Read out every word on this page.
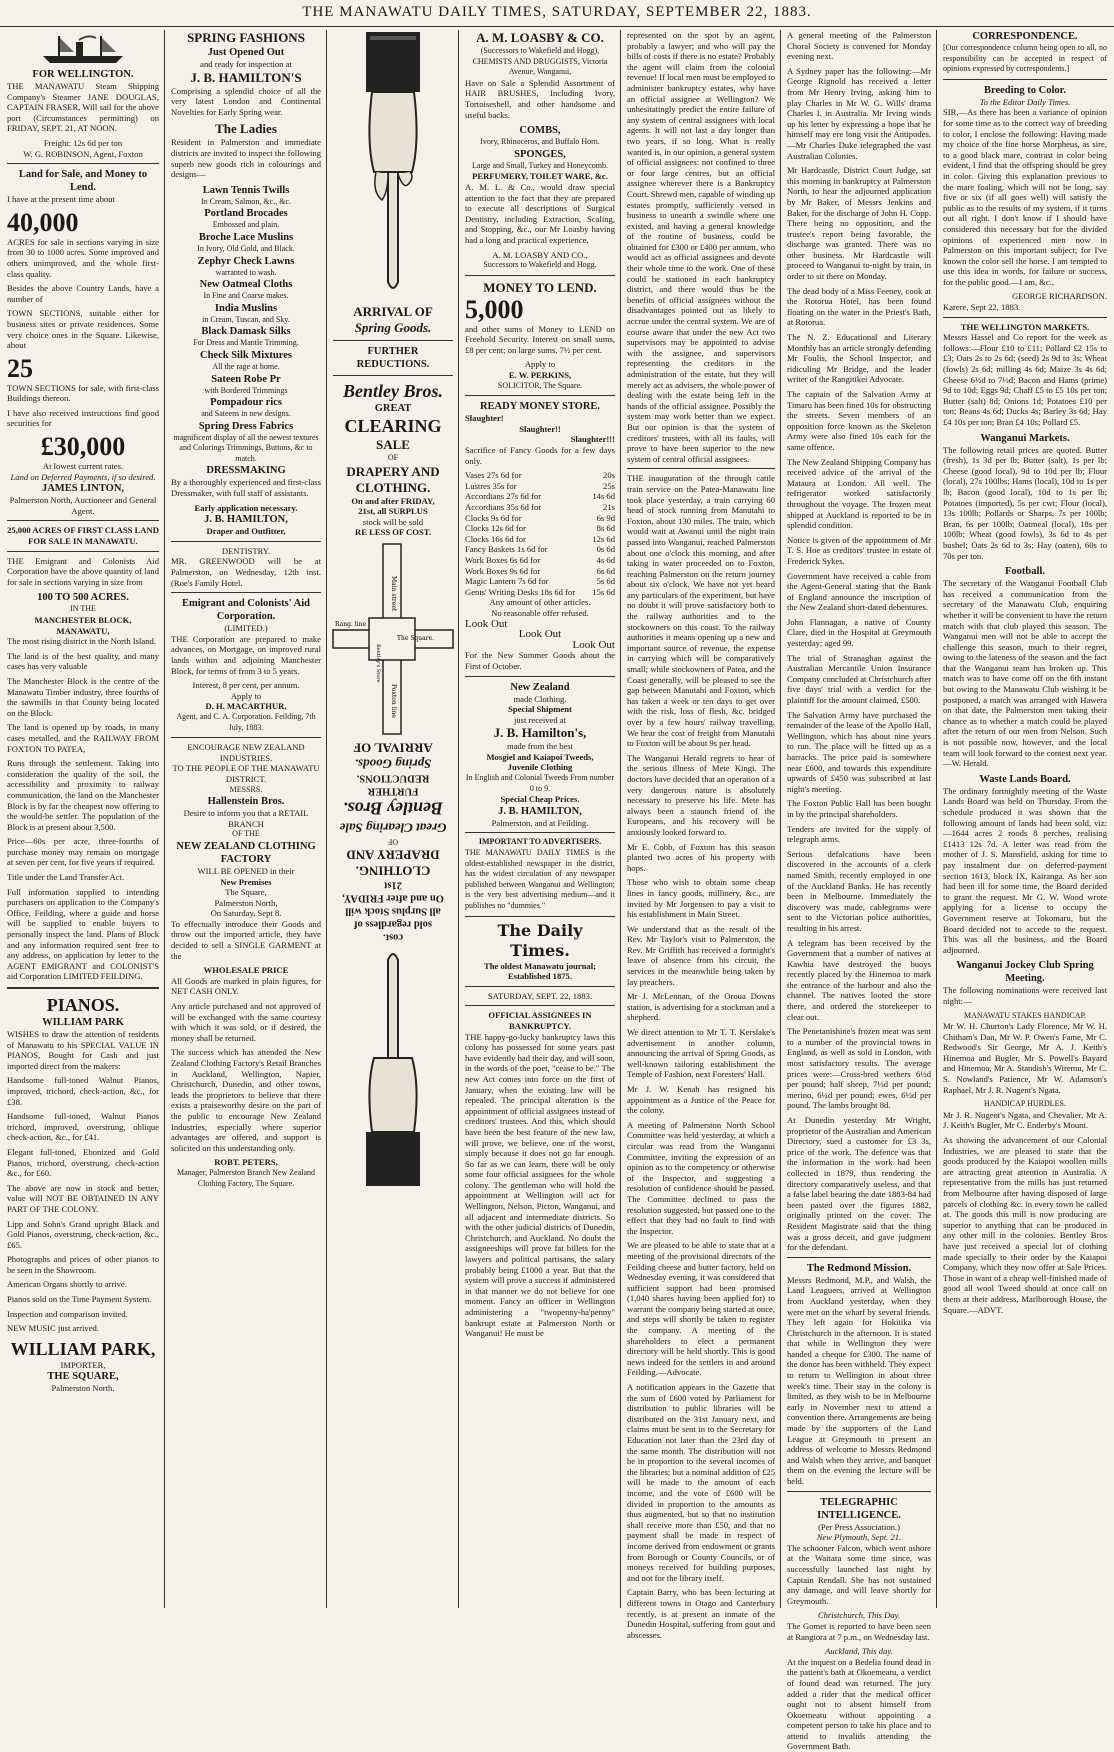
THE MANAWATU DAILY TIMES, SATURDAY, SEPTEMBER 22, 1883.
FOR WELLINGTON.

THE MANAWATU Steam Shipping Company's Steamer JANE DOUGLAS, CAPTAIN FRASER, Will sail for the above port (Circumstances permitting) on FRIDAY, SEPT. 21, AT NOON.

Freight: 12s 6d per ton
W. G. ROBINSON, Agent, Foxton
Land for Sale, and Money to Lend.

I have at the present time about

40,000

ACRES for sale in sections varying in size from 30 to 1000 acres. Some improved and others unimproved, and the whole first-class quality.

Besides the above Country Lands, have a number of

TOWN SECTIONS, suitable either for business sites or private residences. Some very choice ones in the Square. Likewise, about

25

TOWN SECTIONS for sale, with first-class Buildings thereon.

I have also received instructions find good securities for

£30,000
At lowest current rates.
Land on Deferred Payments, if so desired.
JAMES LINTON,
Palmerston North, Auctioneer and General Agent.
25,000 ACRES OF FIRST CLASS LAND FOR SALE IN MANAWATU.

THE Emigrant and Colonists Aid Corporation have the above quantity of land for sale in sections varying in size from

100 TO 500 ACRES.
IN THE
MANCHESTER BLOCK, MANAWATU,

The most rising district in the North Island.

The land is of the best quality, and many cases has very valuable

The Manchester Block is the centre of the Manawatu Timber industry, three fourths of the sawmills in that County being located on the Block.

The land is opened up by roads, in many cases metalled, and the RAILWAY FROM FOXTON TO PATEA,

Runs through the settlement. Taking into consideration the quality of the soil, the accessibility and proximity to railway communication, the land on the Manchester Block is by far the cheapest now offering to the would-be settler. The population of the Block is at present about 3,500.

Price—60s per acre, three-fourths of purchase money may remain on mortgage at seven per cent, for five years if required.

Title under the Land Transfer Act.

Full information supplied to intending purchasers on application to the Company's Office, Feilding, where a guide and horse will be supplied to enable buyers to personally inspect the land. Plans of Block and any information required sent free to any address, on application by letter to the AGENT EMIGRANT and COLONIST'S aid Corporation LIMITED FEILDING.

PIANOS.
WILLIAM PARK

WISHES to draw the attention of residents of Manawatu to his SPECIAL VALUE IN PIANOS, Bought for Cash and just imported direct from the makers:

Handsome full-toned Walnut Pianos, improved, trichord, check-action, &c., for £38.

Handsome full-toned, Walnut Pianos trichord, improved, overstrung, oblique check-action, &c., for £41.

Elegant full-toned, Ebonized and Gold Pianos, trichord, overstrung, check-action &c., for £60.

The above are now in stock and better, value will NOT BE OBTAINED IN ANY PART OF THE COLONY.

Lipp and Sohn's Grand upright Black and Gold Pianos, overstrung, check-action, &c., £65.

Photographs and prices of other pianos to be seen in the Showroom.

American Organs shortly to arrive.

Pianos sold on the Time Payment System.

Inspection and comparison invited.

NEW MUSIC just arrived.

WILLIAM PARK,
IMPORTER,
THE SQUARE,
Palmerston North.
SPRING FASHIONS
Just Opened Out
and ready for inspection at
J. B. HAMILTON'S

Comprising a splendid choice of all the very latest London and Continental Novelties for Early Spring wear.

The Ladies

Resident in Palmerston and immediate districts are invited to inspect the following superb new goods rich in colourings and designs—

Lawn Tennis Twills
In Cream, Salmon, &c., &c.
Portland Brocades
Embossed and plain.
Broche Lace Muslins
In Ivory, Old Gold, and Black.
Zephyr Check Lawns
warranted to wash.
New Oatmeal Cloths
In Fine and Coarse makes.
India Muslins
in Cream, Tuscan, and Sky.
Black Damask Silks
For Dress and Mantle Trimming.
Check Silk Mixtures
All the rage at home.
Sateen Robe Pr
with Bordered Trimmings
Pompadour rics
and Sateens in new designs.
Spring Dress Fabrics
magnificent display of all the newest textures and Colorings Trimmings, Buttons, &c to match.
DRESSMAKING

By a thoroughly experienced and first-class Dressmaker, with full staff of assistants.

Early application necessary.
J. B. HAMILTON,
Draper and Outfitter,
DENTISTRY.

MR. GREENWOOD will be at Palmerston, on Wednesday, 12th inst. (Roe's Family Hotel.

Emigrant and Colonists' Aid Corporation.
(LIMITED.)

THE Corporation are prepared to make advances, on Mortgage, on improved rural lands within and adjoining Manchester Block, for terms of from 3 to 5 years.

Interest, 8 per cent, per annum.
Apply to
D. H. MACARTHUR,
Agent, and C. A. Corporation. Feilding, 7th July, 1883.
ENCOURAGE NEW ZEALAND INDUSTRIES.
TO THE PEOPLE OF THE MANAWATU DISTRICT.
MESSRS.
Hallenstein Bros.
Desire to inform you that a RETAIL BRANCH
OF THE
NEW ZEALAND CLOTHING FACTORY
WILL BE OPENED in their
New Premises
The Square,
Palmerston North,
On Saturday, Sept 8.

To effectually introduce their Goods and throw out the imported article, they have decided to sell a SINGLE GARMENT at the

WHOLESALE PRICE

All Goods are marked in plain figures, for NET CASH ONLY.

Any article purchased and not approved of will be exchanged with the same courtesy with which it was sold, or if desired, the money shall be returned.

The success which has attended the New Zealand Clothing Factory's Retail Branches in Auckland, Wellington, Napier, Christchurch, Dunedin, and other towns, leads the proprietors to believe that there exists a praiseworthy desire on the part of the public to encourage New Zealand Industries, especially where superior advantages are offered, and support is solicited on this understanding only.

ROBT. PETERS,
Manager, Palmerston Branch New Zealand Clothing Factory, The Square.
ARRIVAL OF
Spring Goods.
FURTHER REDUCTIONS.
Bentley Bros.
GREAT
CLEARING
SALE
OF
DRAPERY AND
CLOTHING.
On and after FRIDAY,
21st, all SURPLUS
stock will be sold
RE LESS OF COST.
Main street
Rang. line
Foxton line
The Square.
Bentley's Store
cost.
sold regardless of
all Surplus Stock will
On and after FRIDAY, 21st
CLOTHING.
DRAPERY AND
OF
Great Clearing Sale
Bentley Bros.
FURTHER REDUCTIONS.
Spring Goods.
ARRIVAL OF
A. M. LOASBY & CO.
(Successors to Wakefield and Hogg), CHEMISTS AND DRUGGISTS, Victoria Avenue, Wanganui,

Have on Sale a Splendid Assortment of HAIR BRUSHES, Including Ivory, Tortoiseshell, and other handsome and useful backs.

COMBS,
Ivory, Rhinoceros, and Buffalo Horn.
SPONGES,
Large and Small, Turkey and Honeycomb.
PERFUMERY, TOILET WARE, &c.

A. M. L. & Co., would draw special attention to the fact that they are prepared to execute all descriptions of Surgical Dentistry, including Extraction, Scaling, and Stopping, &c., our Mr Loasby having had a long and practical experience.

A. M. LOASBY AND CO.,
Successors to Wakefield and Hogg.
MONEY TO LEND.
5,000

and other sums of Money to LEND on Freehold Security. Interest on small sums, £8 per cent; on large sums, 7½ per cent.

Apply to
E. W. PERKINS,
SOLICITOR, The Square.
READY MONEY STORE.
Slaughter!
Slaughter!!
Slaughter!!!

Sacrifice of Fancy Goods for a few days only.

Vases 27s 6d for	20s
Lustres 35s for	25s
Accordians 27s 6d for	14s 6d
Accordians 35s 6d for	21s
Clocks 9s 6d for	6s 9d
Clocks 12s 6d for	8s 6d
Clocks 16s 6d for	12s 6d
Fancy Baskets 1s 6d for	0s 6d
Work Boxes 6s 6d for	4s 6d
Work Boxes 9s 6d for	6s 6d
Magic Lantern 7s 6d for	5s 6d
Gents' Writing Desks 18s 6d for 15s 6d
Any amount of other articles.
No reasonable offer refused.
Look Out
Look Out
Look Out

For the New Summer Goods about the First of October.

New Zealand
made Clothing.
Special Shipment
just received at
J. B. Hamilton's,
made from the best
Mosgiel and Kaiapoi Tweeds,
Juvenile Clothing
In English and Colonial Tweeds From number 0 to 9.
Special Cheap Prices.
J. B. HAMILTON,
Palmerston, and at Feilding.
IMPORTANT TO ADVERTISERS.

THE MANAWATU DAILY TIMES is the oldest-established newspaper in the district, has the widest circulation of any newspaper published between Wanganui and Wellington; is the very best advertising medium—and it publishes no "dummies."

The Daily Times.
The oldest Manawatu journal; Established 1875.
SATURDAY, SEPT. 22, 1883.
OFFICIAL ASSIGNEES IN BANKRUPTCY.

THE happy-go-lucky bankruptcy laws this colony has possessed for some years past have evidently had their day, and will soon, in the words of the poet, "cease to be." The new Act comes into force on the first of January, when the existing law will be repealed. The principal alteration is the appointment of official assignees instead of creditors' trustees. And this, which should have been the best feature of the new law, will prove, we believe, one of the worst, simply because it does not go far enough. So far as we can learn, there will be only some four official assignees for the whole colony. The gentleman who will hold the appointment at Wellington will act for Wellington, Nelson, Picton, Wanganui, and all adjacent and intermediate districts. So with the other judicial districts of Dunedin, Christchurch, and Auckland. No doubt the assigneeships will prove fat billets for the lawyers and political partisans, the salary probably being £1000 a year. But that the system will prove a success if administered in that manner we do not believe for one moment. Fancy an officer in Wellington administering a "twopenny-ha'penny" bankrupt estate at Palmerston North or Wanganui! He must be

represented on the spot by an agent, probably a lawyer; and who will pay the bills of costs if there is no estate? Probably the agent will claim from the colonial revenue! If local men must be employed to administer bankruptcy estates, why have an official assignee at Wellington? We unhesitatingly predict the entire failure of any system of central assignees with local agents. It will not last a day longer than two years, if so long. What is really wanted is, in our opinion, a general system of official assignees: not confined to three or four large centres, but an official assignee wherever there is a Bankruptcy Court. Shrewd men, capable of winding up estates promptly, sufficiently versed in business to unearth a swindle where one existed, and having a general knowledge of the routine of business, could be obtained for £300 or £400 per annum, who would act as official assignees and devote their whole time to the work. One of these could be stationed in each bankruptcy district, and there would thus be the benefits of official assignees without the disadvantages pointed out as likely to accrue under the central system. We are of course aware that under the new Act two supervisors may be appointed to advise with the assignee, and supervisors representing the creditors in the administration of the estate, but they will merely act as advisers, the whole power of dealing with the estate being left in the hands of the official assignee. Possibly the system may work better than we expect. But our opinion is that the system of creditors' trustees, with all its faults, will prove to have been superior to the new system of central official assignees.

THE inauguration of the through cattle train service on the Patea-Manawatu line took place yesterday, a train carrying 60 head of stock running from Manutahi to Foxton, about 130 miles. The train, which would wait at Awanui until the night train passed into Wanganui, reached Palmerston about one o'clock this morning, and after taking in water proceeded on to Foxton, reaching Palmerston on the return journey about six o'clock. We have not yet heard any particulars of the experiment, but have no doubt it will prove satisfactory both to the railway authorities and to the stockowners on this coast. To the railway authorities it means opening up a new and important source of revenue, the expense in carrying which will be comparatively small; while stockowners of Patea, and the Coast generally, will be pleased to see the gap between Manutahi and Foxton, which has taken a week or ten days to get over with the risk, loss of flesh, &c. bridged over by a few hours' railway travelling. We hear the cost of freight from Manutahi to Foxton will be about 9s per head.

The Wanganui Herald regrets to hear of the serious illness of Mete Kingi. The doctors have decided that an operation of a very dangerous nature is absolutely necessary to preserve his life. Mete has always been a staunch friend of the Europeans, and his recovery will be anxiously looked forward to.

Mr E. Cobb, of Foxton has this season planted two acres of his property with hops.

Those who wish to obtain some cheap lines in fancy goods, millinery, &c., are invited by Mr Jorgensen to pay a visit to his establishment in Main Street.

We understand that as the result of the Rev. Mr Taylor's visit to Palmerston, the Rev. Mr Griffith has received a fortnight's leave of absence from his circuit, the services in the meanwhile being taken by lay preachers.

Mr J. McLennan, of the Oroua Downs station, is advertising for a stockman and a shepherd.

We direct attention to Mr T. T. Kerslake's advertisement in another column, announcing the arrival of Spring Goods, as well-known tailoring establishment the Temple of Fashion, next Foresters' Hall.

Mr J. W. Kenah has resigned his appointment as a Justice of the Peace for the colony.

A meeting of Palmerston North School Committee was held yesterday, at which a circular was read from the Wanganui Committee, inviting the expression of an opinion as to the competency or otherwise of the Inspector, and suggesting a resolution of confidence should be passed. The Committee declined to pass the resolution suggested, but passed one to the effect that they had no fault to find with the Inspector.

We are pleased to be able to state that at a meeting of the provisional directors of the Feilding cheese and butter factory, held on Wednesday evening, it was considered that sufficient support had been promised (1,040 shares having been applied for) to warrant the company being started at once, and steps will shortly be taken to register the company. A meeting of the shareholders to elect a permanent directory will be held shortly. This is good news indeed for the settlers in and around Feilding.—Advocate.

A notification appears in the Gazette that the sum of £600 voted by Parliament for distribution to public libraries will be distributed on the 31st January next, and claims must be sent in to the Secretary for Education not later than the 23rd day of the same month. The distribution will not be in proportion to the several incomes of the libraries; but a nominal addition of £25 will be made to the amount of each income, and the vote of £600 will be divided in proportion to the amounts as thus augmented, but so that no institution shall receive more than £50, and that no payment shall be made in respect of income derived from endowment or grants from Borough or County Councils, or of moneys received for building purposes, and not for the library itself.

Captain Barry, who has been lecturing at different towns in Otago and Canterbury recently, is at present an inmate of the Dunedin Hospital, suffering from gout and abscesses.

A general meeting of the Palmerston Choral Society is convened for Monday evening next.

A Sydney paper has the following:—Mr George Rignold has received a letter from Mr Henry Irving, asking him to play Charles in Mr W. G. Wills' drama Charles I. in Australia. Mr Irving winds up his letter by expressing a hope that he himself may ere long visit the Antipodes.—Mr Charles Duke telegraphed the vast Australian Colonies.

Mr Hardcastle, District Court Judge, sat this morning in bankruptcy at Palmerston North, to hear the adjourned application by Mr Baker, of Messrs Jenkins and Baker, for the discharge of John H. Copp. There being no opposition, and the trustee's report being favorable, the discharge was granted. There was no other business. Mr Hardcastle will proceed to Wanganui to-night by train, in order to sit there on Monday.

The dead body of a Miss Feeney, cook at the Rotorua Hotel, has been found floating on the water in the Priest's Bath, at Rotorua.

The N. Z. Educational and Literary Monthly has an article strongly defending Mr Foulis, the School Inspector, and ridiculing Mr Bridge, and the leader writer of the Rangitikei Advocate.

The captain of the Salvation Army at Timaru has been fined 10s for obstructing the streets. Seven members of an opposition force known as the Skeleton Army were also fined 10s each for the same offence.

The New Zealand Shipping Company has received advice of the arrival of the Mataura at London. All well. The refrigerator worked satisfactorily throughout the voyage. The frozen meat shipped at Auckland is reported to be in splendid condition.

Notice is given of the appointment of Mr T. S. Hoe as creditors' trustee in estate of Frederick Sykes.

Government have received a cable from the Agent-General stating that the Bank of England announce the inscription of the New Zealand short-dated debentures.

John Flannagan, a native of County Clare, died in the Hospital at Greymouth yesterday; aged 99.

The trial of Stranaghan against the Australian Mercantile Union Insurance Company concluded at Christchurch after five days' trial with a verdict for the plaintiff for the amount claimed, £500.

The Salvation Army have purchased the remainder of the lease of the Apollo Hall, Wellington, which has about nine years to run. The place will be fitted up as a barracks. The price paid is somewhere near £600, and towards this expenditure upwards of £450 was subscribed at last night's meeting.

The Foxton Public Hall has been bought in by the principal shareholders.

Tenders are invited for the supply of telegraph arms.

Serious defalcations have been discovered in the accounts of a clerk named Smith, recently employed in one of the Auckland Banks. He has recently been in Melbourne. Immediately the discovery was made, cablegrams were sent to the Victorian police authorities, resulting in his arrest.

A telegram has been received by the Government that a number of natives at Kawhia have destroyed the buoys recently placed by the Hinemoa to mark the entrance of the harbour and also the channel. The natives looted the store there, and ordered the storekeeper to clear out.

The Penetanishine's frozen meat was sent to a number of the provincial towns in England, as well as sold in London, with most satisfactory results. The average prices were:—Cross-bred wethers 6½d per pound; half sheep, 7½d per pound; merino, 6¼d per pound; ewes, 6½d per pound. The lambs brought 8d.

At Dunedin yesterday Mr Wright, proprietor of the Australian and American Directory, sued a customer for £3 3s, price of the work. The defence was that the information in the work had been collected in 1879, thus rendering the directory comparatively useless, and that a false label bearing the date 1883-84 had been pasted over the figures 1882, originally printed on the cover. The Resident Magistrate said that the thing was a gross deceit, and gave judgment for the defendant.

The Redmond Mission.

Messrs Redmond, M.P., and Walsh, the Land Leaguers, arrived at Wellington from Auckland yesterday, when they were met on the wharf by several friends. They left again for Hokitika via Christchurch in the afternoon. It is stated that while in Wellington they were handed a cheque for £300. The name of the donor has been withheld. They expect to return to Wellington in about three week's time. Their stay in the colony is limited, as they wish to be in Melbourne early in November next to attend a convention there. Arrangements are being made by the supporters of the Land League at Greymouth to present an address of welcome to Messrs Redmond and Walsh when they arrive, and banquet them on the evening the lecture will be held.

TELEGRAPHIC INTELLIGENCE.
(Per Press Association.)
New Plymouth, Sept. 21.

The schooner Falcon, which went ashore at the Waitara some time since, was successfully launched last night by Captain Rendall. She has not sustained any damage, and will leave shortly for Greymouth.

Christchurch, This Day.

The Gomet is reported to have been seen at Rangiora at 7 p.m., on Wednesday last.

Auckland, This day.

At the inquest on a Bedelia found dead in the patient's bath at Okoemeatu, a verdict of found dead was returned. The jury added a rider that the medical officer ought not to absent himself from Okoemeatu without appointing a competent person to take his place and to attend to invalids attending the Government Bath.

CORRESPONDENCE.

[Our correspondence column being open to all, no responsibility can be accepted in respect of opinions expressed by correspondents.]

Breeding to Color.
To the Editor Daily Times.

SIR,—As there has been a variance of opinion for some time as to the correct way of breeding to color, I enclose the following: Having made my choice of the fine horse Morpheus, as sire, to a good black mare, contrast in color being evident, I find that the offspring should be grey in color. Giving this explanation previous to the mare foaling, which will not be long, say five or six (if all goes well) will satisfy the public as to the results of my system, if it turns out all right. I don't know if I should have considered this necessary but for the divided opinions of experienced men now in Palmerston on this important subject; for I've known the color sell the horse. I am tempted to use this idea in words, for failure or success, for the public good.—I am, &c.,

GEORGE RICHARDSON.
Karere, Sept 22, 1883.
THE WELLINGTON MARKETS.

Messrs Hassel and Co report for the week as follows:—Flour £10 to £11; Pollard £2 15s to £3; Oats 2s to 2s 6d; (seed) 2s 9d to 3s; Wheat (fowls) 2s 6d; milling 4s 6d; Maize 3s 4s 6d; Cheese 6½d to 7½d; Bacon and Hams (prime) 9d to 10d; Eggs 9d; Chaff £5 to £5 10s per ton; Butter (salt) 8d; Onions 1d; Potatoes £10 per ton; Beans 4s 6d; Ducks 4s; Barley 3s 6d; Hay £4 10s per ton; Bran £4 10s; Pollard £5.

Wanganui Markets.

The following retail prices are quoted. Butter (fresh), 1s 3d per lb; Butter (salt), 1s per lb; Cheese (good local), 9d to 10d per lb; Flour (local), 27s 100lbs; Hams (local), 10d to 1s per lb; Bacon (good local), 10d to 1s per lb; Potatoes (imported), 5s per cwt; Flour (local), 13s 100lb; Pollards or Sharps, 7s per 100lb; Bran, 6s per 100lb; Oatmeal (local), 18s per 100lb; Wheat (good fowls), 3s 6d to 4s per bushel; Oats 2s 6d to 3s; Hay (oaten), 60s to 70s per ton.

Football.

The secretary of the Wanganui Football Club has received a communication from the secretary of the Manawatu Club, enquiring whether it will be convenient to have the return match with that club played this season. The Wanganui men will not be able to accept the challenge this season, much to their regret, owing to the lateness of the season and the fact that the Wanganui team has broken up. This match was to have come off on the 6th instant but owing to the Manawatu Club wishing it be postponed, a match was arranged with Hawera on that date, the Palmerston men taking their chance as to whether a match could be played after the return of our men from Nelson. Such is not possible now, however, and the local team will look forward to the contest next year.—W. Herald.

Waste Lands Board.

The ordinary fortnightly meeting of the Waste Lands Board was held on Thursday. From the schedule produced it was shown that the following amount of lands had been sold, viz:—1644 acres 2 roods 8 perches, realising £1413 12s 7d. A letter was read from the mother of J. S. Mansfield, asking for time to pay instalment due on deferred-payment section 1613, block IX, Kairanga. As her son had been ill for some time, the Board decided to grant the request. Mr G. W. Wood wrote applying for a license to occupy the Government reserve at Tokomaru, but the Board decided not to accede to the request. This was all the business, and the Board adjourned.

Wanganui Jockey Club Spring Meeting.

The following nominations were received last night:—

MANAWATU STAKES HANDICAP.

Mr W. H. Churton's Lady Florence, Mr W. H. Chitham's Dan, Mr W. P. Owen's Fame, Mr C. Redwood's Sir George, Mr A. J. Keith's Hinemoa and Bugler, Mr S. Powell's Bayard and Hinemoa, Mr A. Standish's Wiremu, Mr C. S. Nowland's Patience, Mr W. Adamson's Raphael, Mr J. R. Nugent's Ngata.

HANDICAP HURDLES.

Mr J. R. Nugent's Ngata, and Chevalier, Mr A. J. Keith's Bugler, Mr C. Enderby's Mount.

As showing the advancement of our Colonial Industries, we are pleased to state that the goods produced by the Kaiapoi woollen mills are attracting great attention in Australia. A representative from the mills has just returned from Melbourne after having disposed of large parcels of clothing &c. in every town he called at. The goods this mill is now producing are superior to anything that can be produced in any other mill in the colonies. Bentley Bros have just received a special lot of clothing made specially to their order by the Kaiapoi Company, which they now offer at Sale Prices. Those in want of a cheap well-finished made of good all wool Tweed should at once call on them at their address, Marlborough House, the Square.—ADVT.
